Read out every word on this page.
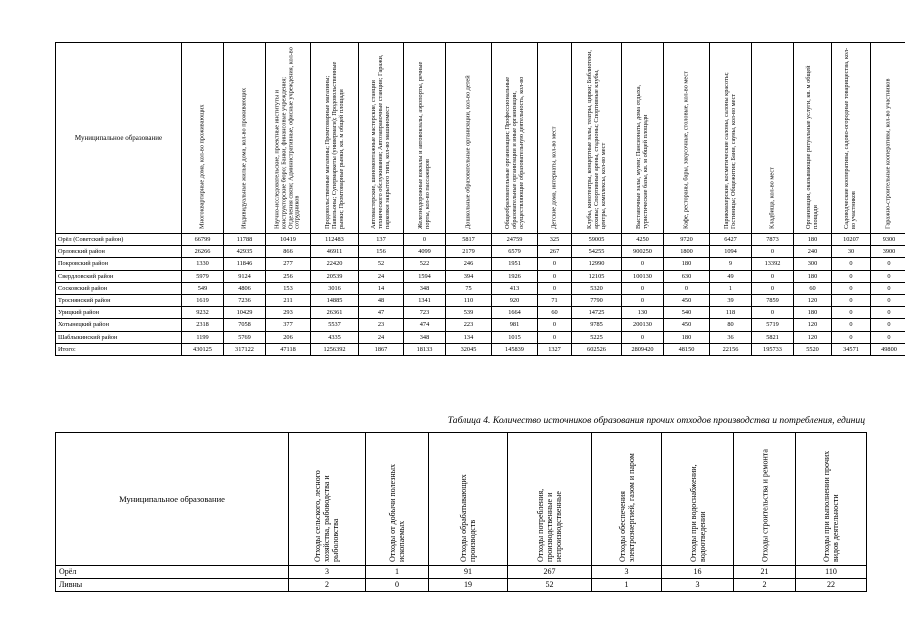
Муниципальное образование	Многоквартирные дома, кол-во проживающих	Индивидуальные жилые дома, кол-во проживающих	Научно-исследовательские, проектные институты и конструкторские бюро; Банки, финансовые учреждения; Отделения связи; Административные, офисные учреждения, кол-во сотрудников	Продовольственные магазины; Промтоварные магазины; Павильоны; Супермаркеты (универмаги); Продовольственные рынки; Промтоварные рынки, кв. м общей площади	Автомастерские, шиномонтажные мастерские, станции технического обслуживания; Автозаправочные станции; Гаражи, парковки закрытого типа, кол-во машиномест	Железнодорожные вокзалы и автовокзалы, аэропорты, речные порты, кол-во пассажиров	Дошкольные образовательные организации, кол-во детей	Общеобразовательные организации; Профессиональные образовательные организации и иные организации, осуществляющие образовательную деятельность, кол-во	Детские дома, интернаты, кол-во мест	Клубы, кинотеатры, концертные залы, театры, цирки; Библиотеки, архивы; Спортивные арены, стадионы; Спортивные клубы, центры, комплексы, кол-во мест	Выставочные залы, музеи; Пансионаты, дома отдыха, туристические базы, кв. м общей площади	Кафе, рестораны, бары, закусочные, столовые, кол-во мест	Парикмахерские, косметические салоны, салоны красоты; Гостиницы; Общежития; Бани, сауны, кол-во мест	Кладбища, кол-во мест	Организации, оказывающие ритуальные услуги, кв. м общей площади	Садоводческие кооперативы, садово-огородные товарищества, кол-во участников	Гаражно-строительные кооперативы, кол-во участников

Орёл (Советский район)	66799	11788	10419	112483	137	0	5817	24759	325	59005	4250	9720	6427	7873	180	10207	9300
Орловский район	26266	42935	866	46911	156	4099	2179	6579	267	54255	900250	1800	1094	0	240	30	3900
Покровский район	1330	11846	277	22420	52	522	246	1951	0	12990	0	180	9	13392	300	0	0
Свердловский район	5979	9124	256	20539	24	1594	394	1926	0	12105	100130	630	49	0	180	0	0
Сосковский район	549	4806	153	3016	14	348	75	413	0	5320	0	0	1	0	60	0	0
Троснянский район	1619	7236	211	14885	48	1341	110	920	71	7790	0	450	39	7859	120	0	0
Урицкий район	9232	10429	293	26361	47	723	539	1664	60	14725	130	540	118	0	180	0	0
Хотынецкий район	2318	7058	377	5537	23	474	223	981	0	9785	200130	450	80	5719	120	0	0
Шаблыкинский район	1199	5769	206	4335	24	348	134	1015	0	5225	0	180	36	5821	120	0	0
Итого:	430125	317122	47118	1256392	1867	18133	32045	145839	1327	602526	2809420	48150	22156	195733	5520	34571	49800
Таблица 4. Количество источников образования прочих отходов производства и потребления, единиц
Муниципальное образование	Отходы сельского, лесного хозяйства, рыбоводства и рыболовства	Отходы от добычи полезных ископаемых	Отходы обрабатывающих производств	Отходы потребления, производственные и непроизводственные	Отходы обеспечения электроэнергией, газом и паром	Отходы при водоснабжении, водоотведении	Отходы строительства и ремонта	Отходы при выполнении прочих видов деятельности

Орёл	3	1	91	267	3	16	21	110
Ливны	2	0	19	52	1	3	2	22
